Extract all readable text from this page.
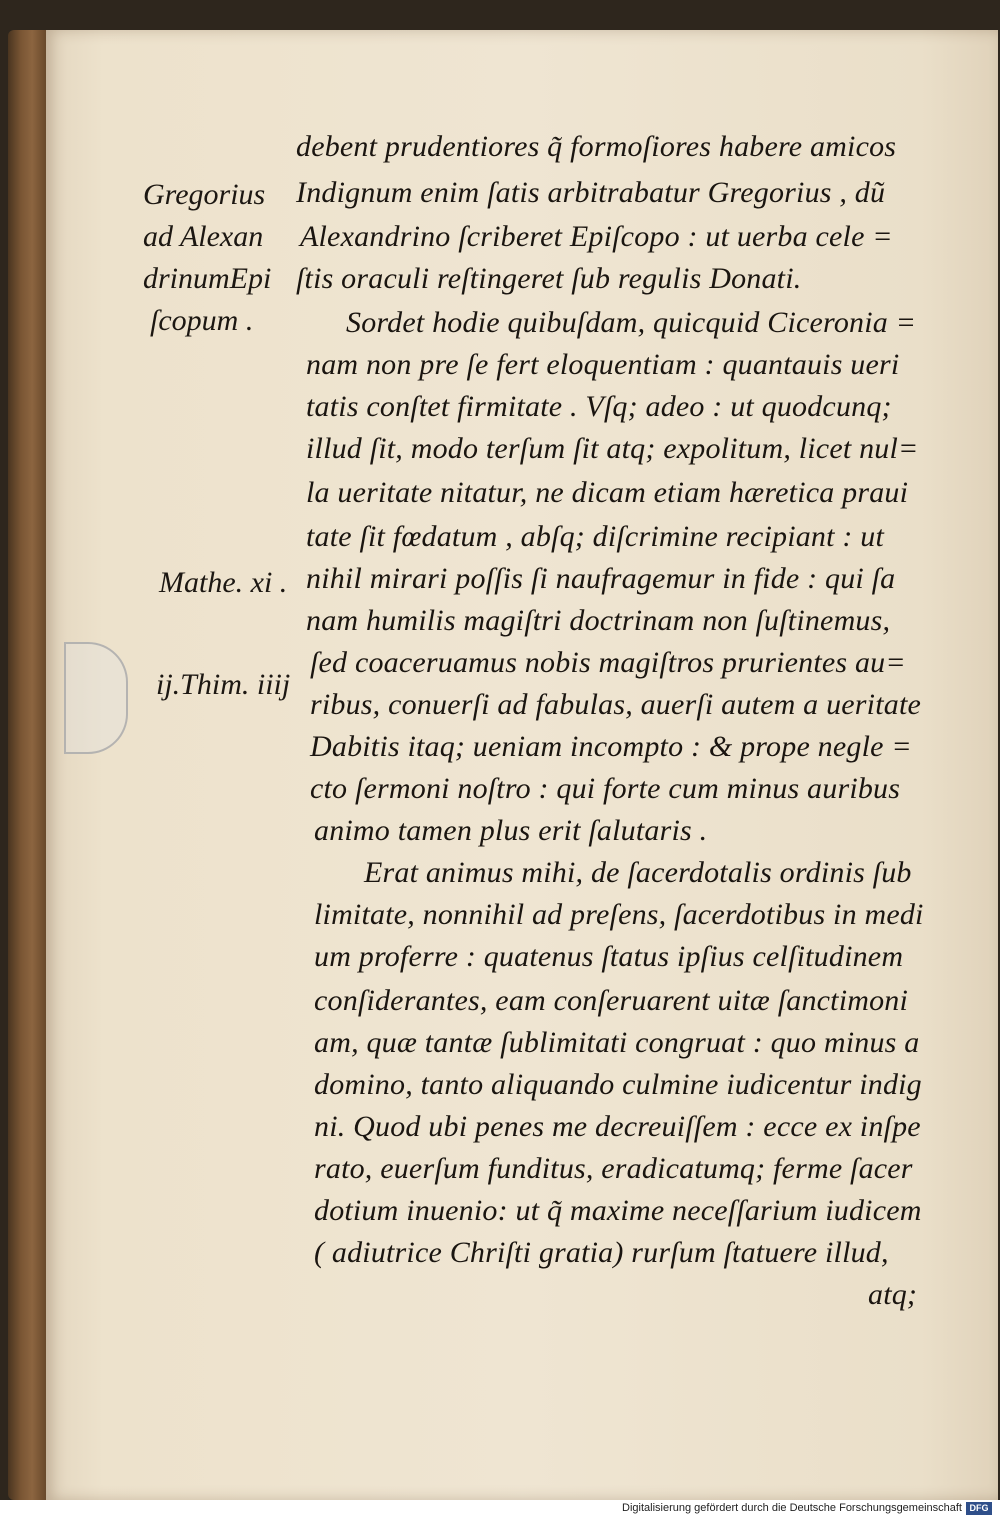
Gregorius
ad Alexan
drinumEpi
ſcopum .
Mathe. xi .
ij.Thim. iiij
debent prudentiores q̃ formoſiores habere amicos
Indignum enim ſatis arbitrabatur Gregorius , dũ
Alexandrino ſcriberet Epiſcopo : ut uerba cele =
ſtis oraculi reſtingeret ſub regulis Donati.
Sordet hodie quibuſdam, quicquid Ciceronia =
nam non pre ſe fert eloquentiam : quantauis ueri
tatis conſtet firmitate . Vſq; adeo : ut quodcunq;
illud ſit, modo terſum ſit atq; expolitum, licet nul=
la ueritate nitatur, ne dicam etiam hæretica praui
tate ſit fœdatum , abſq; diſcrimine recipiant : ut
nihil mirari poſſis ſi naufragemur in fide : qui ſa
nam humilis magiſtri doctrinam non ſuſtinemus,
ſed coaceruamus nobis magiſtros prurientes au=
ribus, conuerſi ad fabulas, auerſi autem a ueritate
Dabitis itaq; ueniam incompto : & prope negle =
cto ſermoni noſtro : qui forte cum minus auribus
animo tamen plus erit ſalutaris .
Erat animus mihi, de ſacerdotalis ordinis ſub
limitate, nonnihil ad preſens, ſacerdotibus in medi
um proferre : quatenus ſtatus ipſius celſitudinem
conſiderantes, eam conſeruarent uitæ ſanctimoni
am, quæ tantæ ſublimitati congruat : quo minus a
domino, tanto aliquando culmine iudicentur indig
ni. Quod ubi penes me decreuiſſem : ecce ex inſpe
rato, euerſum funditus, eradicatumq; ferme ſacer
dotium inuenio: ut q̃ maxime neceſſarium iudicem
( adiutrice Chriſti gratia) rurſum ſtatuere illud,
atq;
Digitalisierung gefördert durch die Deutsche Forschungsgemeinschaft DFG
